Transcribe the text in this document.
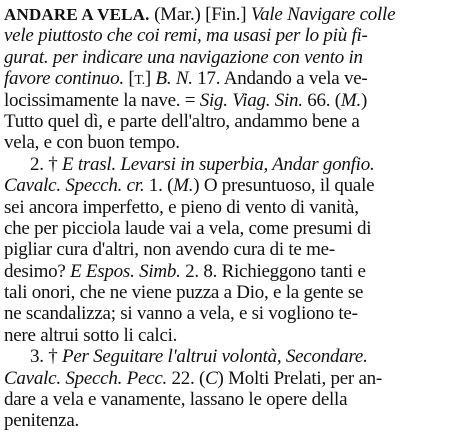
ANDARE A VELA. (Mar.) [Fin.] Vale Navigare colle
vele piuttosto che coi remi, ma usasi per lo più fi-
gurat. per indicare una navigazione con vento in
favore continuo. [T.] B. N. 17. Andando a vela ve-
locissimamente la nave. = Sig. Viag. Sin. 66. (M.)
Tutto quel dì, e parte dell'altro, andammo bene a
vela, e con buon tempo.
2. † E trasl. Levarsi in superbia, Andar gonfio.
Cavalc. Specch. cr. 1. (M.) O presuntuoso, il quale
sei ancora imperfetto, e pieno di vento di vanità,
che per picciola laude vai a vela, come presumi di
pigliar cura d'altri, non avendo cura di te me-
desimo? E Espos. Simb. 2. 8. Richieggono tanti e
tali onori, che ne viene puzza a Dio, e la gente se
ne scandalizza; si vanno a vela, e si vogliono te-
nere altrui sotto li calci.
3. † Per Seguitare l'altrui volontà, Secondare.
Cavalc. Specch. Pecc. 22. (C) Molti Prelati, per an-
dare a vela e vanamente, lassano le opere della
penitenza.
